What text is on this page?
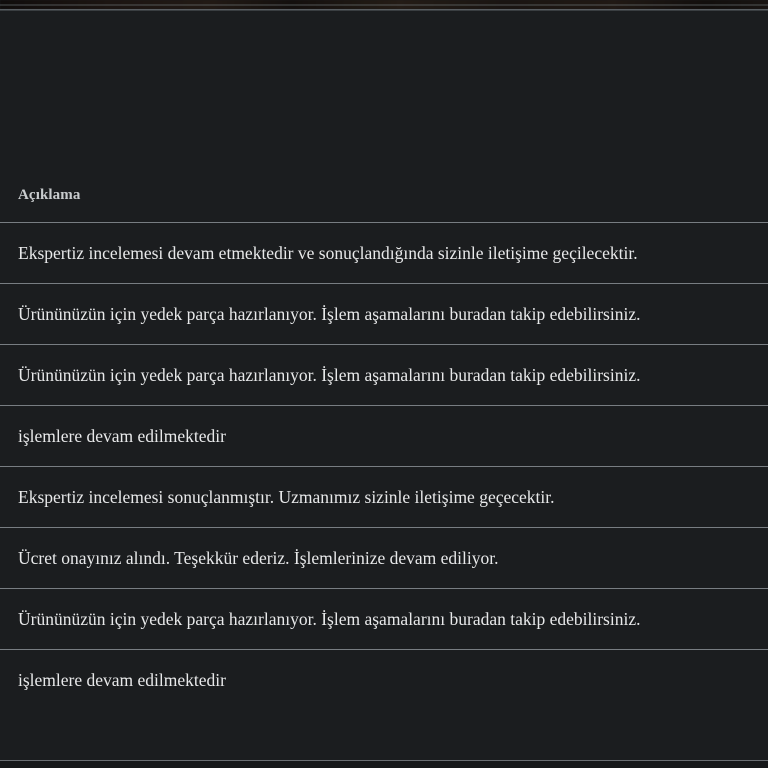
Açıklama
Ekspertiz incelemesi devam etmektedir ve sonuçlandığında sizinle iletişime geçilecektir.
Ürününüzün için yedek parça hazırlanıyor. İşlem aşamalarını buradan takip edebilirsiniz.
Ürününüzün için yedek parça hazırlanıyor. İşlem aşamalarını buradan takip edebilirsiniz.
işlemlere devam edilmektedir
Ekspertiz incelemesi sonuçlanmıştır. Uzmanımız sizinle iletişime geçecektir.
Ücret onayınız alındı. Teşekkür ederiz. İşlemlerinize devam ediliyor.
Ürününüzün için yedek parça hazırlanıyor. İşlem aşamalarını buradan takip edebilirsiniz.
işlemlere devam edilmektedir
